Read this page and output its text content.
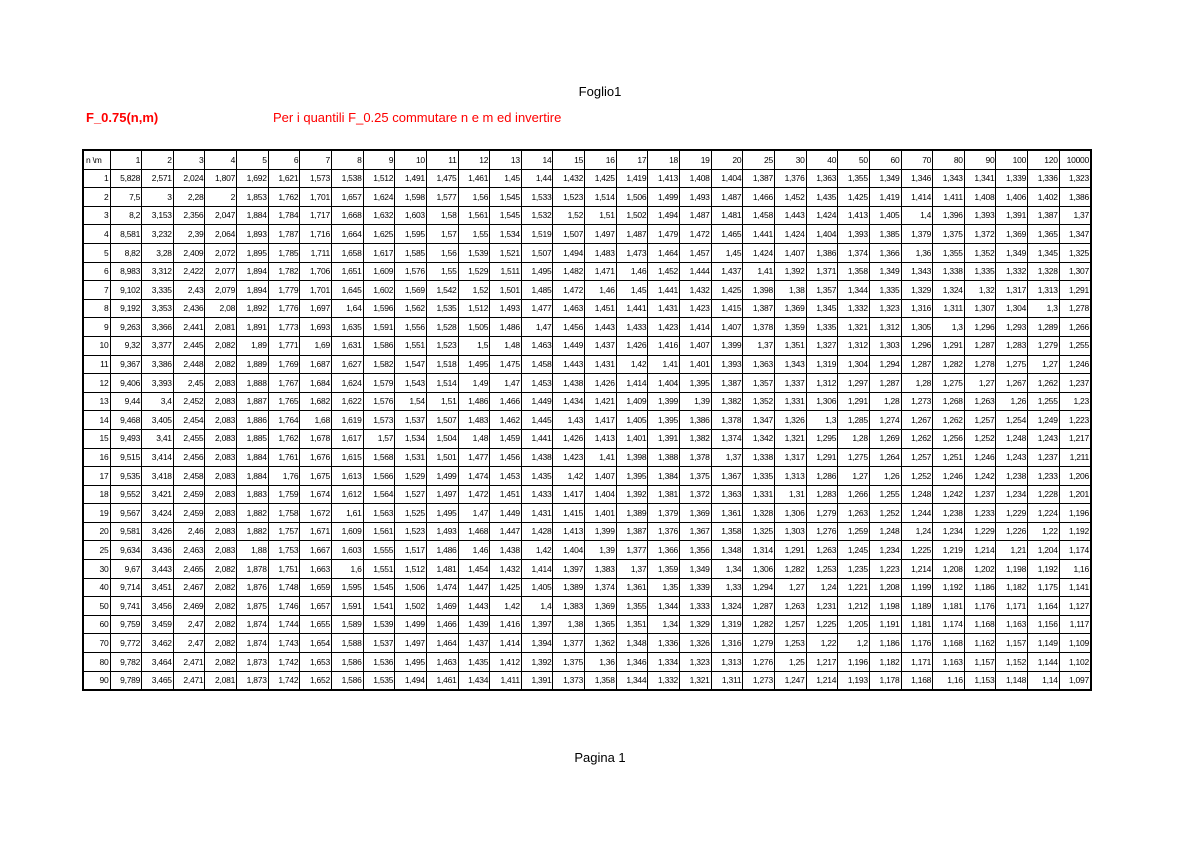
Foglio1
F_0.75(n,m)	Per i quantili F_0.25 commutare n e m ed invertire
n \m	1	2	3	4	5	6	7	8	9	10	11	12	13	14	15	16	17	18	19	20	25	30	40	50	60	70	80	90	100	120	10000
1	5,828	2,571	2,024	1,807	1,692	1,621	1,573	1,538	1,512	1,491	1,475	1,461	1,45	1,44	1,432	1,425	1,419	1,413	1,408	1,404	1,387	1,376	1,363	1,355	1,349	1,346	1,343	1,341	1,339	1,336	1,323
2	7,5	3	2,28	2	1,853	1,762	1,701	1,657	1,624	1,598	1,577	1,56	1,545	1,533	1,523	1,514	1,506	1,499	1,493	1,487	1,466	1,452	1,435	1,425	1,419	1,414	1,411	1,408	1,406	1,402	1,386
3	8,2	3,153	2,356	2,047	1,884	1,784	1,717	1,668	1,632	1,603	1,58	1,561	1,545	1,532	1,52	1,51	1,502	1,494	1,487	1,481	1,458	1,443	1,424	1,413	1,405	1,4	1,396	1,393	1,391	1,387	1,37
4	8,581	3,232	2,39	2,064	1,893	1,787	1,716	1,664	1,625	1,595	1,57	1,55	1,534	1,519	1,507	1,497	1,487	1,479	1,472	1,465	1,441	1,424	1,404	1,393	1,385	1,379	1,375	1,372	1,369	1,365	1,347
5	8,82	3,28	2,409	2,072	1,895	1,785	1,711	1,658	1,617	1,585	1,56	1,539	1,521	1,507	1,494	1,483	1,473	1,464	1,457	1,45	1,424	1,407	1,386	1,374	1,366	1,36	1,355	1,352	1,349	1,345	1,325
6	8,983	3,312	2,422	2,077	1,894	1,782	1,706	1,651	1,609	1,576	1,55	1,529	1,511	1,495	1,482	1,471	1,46	1,452	1,444	1,437	1,41	1,392	1,371	1,358	1,349	1,343	1,338	1,335	1,332	1,328	1,307
7	9,102	3,335	2,43	2,079	1,894	1,779	1,701	1,645	1,602	1,569	1,542	1,52	1,501	1,485	1,472	1,46	1,45	1,441	1,432	1,425	1,398	1,38	1,357	1,344	1,335	1,329	1,324	1,32	1,317	1,313	1,291
8	9,192	3,353	2,436	2,08	1,892	1,776	1,697	1,64	1,596	1,562	1,535	1,512	1,493	1,477	1,463	1,451	1,441	1,431	1,423	1,415	1,387	1,369	1,345	1,332	1,323	1,316	1,311	1,307	1,304	1,3	1,278
9	9,263	3,366	2,441	2,081	1,891	1,773	1,693	1,635	1,591	1,556	1,528	1,505	1,486	1,47	1,456	1,443	1,433	1,423	1,414	1,407	1,378	1,359	1,335	1,321	1,312	1,305	1,3	1,296	1,293	1,289	1,266
10	9,32	3,377	2,445	2,082	1,89	1,771	1,69	1,631	1,586	1,551	1,523	1,5	1,48	1,463	1,449	1,437	1,426	1,416	1,407	1,399	1,37	1,351	1,327	1,312	1,303	1,296	1,291	1,287	1,283	1,279	1,255
11	9,367	3,386	2,448	2,082	1,889	1,769	1,687	1,627	1,582	1,547	1,518	1,495	1,475	1,458	1,443	1,431	1,42	1,41	1,401	1,393	1,363	1,343	1,319	1,304	1,294	1,287	1,282	1,278	1,275	1,27	1,246
12	9,406	3,393	2,45	2,083	1,888	1,767	1,684	1,624	1,579	1,543	1,514	1,49	1,47	1,453	1,438	1,426	1,414	1,404	1,395	1,387	1,357	1,337	1,312	1,297	1,287	1,28	1,275	1,27	1,267	1,262	1,237
13	9,44	3,4	2,452	2,083	1,887	1,765	1,682	1,622	1,576	1,54	1,51	1,486	1,466	1,449	1,434	1,421	1,409	1,399	1,39	1,382	1,352	1,331	1,306	1,291	1,28	1,273	1,268	1,263	1,26	1,255	1,23
14	9,468	3,405	2,454	2,083	1,886	1,764	1,68	1,619	1,573	1,537	1,507	1,483	1,462	1,445	1,43	1,417	1,405	1,395	1,386	1,378	1,347	1,326	1,3	1,285	1,274	1,267	1,262	1,257	1,254	1,249	1,223
15	9,493	3,41	2,455	2,083	1,885	1,762	1,678	1,617	1,57	1,534	1,504	1,48	1,459	1,441	1,426	1,413	1,401	1,391	1,382	1,374	1,342	1,321	1,295	1,28	1,269	1,262	1,256	1,252	1,248	1,243	1,217
16	9,515	3,414	2,456	2,083	1,884	1,761	1,676	1,615	1,568	1,531	1,501	1,477	1,456	1,438	1,423	1,41	1,398	1,388	1,378	1,37	1,338	1,317	1,291	1,275	1,264	1,257	1,251	1,246	1,243	1,237	1,211
17	9,535	3,418	2,458	2,083	1,884	1,76	1,675	1,613	1,566	1,529	1,499	1,474	1,453	1,435	1,42	1,407	1,395	1,384	1,375	1,367	1,335	1,313	1,286	1,27	1,26	1,252	1,246	1,242	1,238	1,233	1,206
18	9,552	3,421	2,459	2,083	1,883	1,759	1,674	1,612	1,564	1,527	1,497	1,472	1,451	1,433	1,417	1,404	1,392	1,381	1,372	1,363	1,331	1,31	1,283	1,266	1,255	1,248	1,242	1,237	1,234	1,228	1,201
19	9,567	3,424	2,459	2,083	1,882	1,758	1,672	1,61	1,563	1,525	1,495	1,47	1,449	1,431	1,415	1,401	1,389	1,379	1,369	1,361	1,328	1,306	1,279	1,263	1,252	1,244	1,238	1,233	1,229	1,224	1,196
20	9,581	3,426	2,46	2,083	1,882	1,757	1,671	1,609	1,561	1,523	1,493	1,468	1,447	1,428	1,413	1,399	1,387	1,376	1,367	1,358	1,325	1,303	1,276	1,259	1,248	1,24	1,234	1,229	1,226	1,22	1,192
25	9,634	3,436	2,463	2,083	1,88	1,753	1,667	1,603	1,555	1,517	1,486	1,46	1,438	1,42	1,404	1,39	1,377	1,366	1,356	1,348	1,314	1,291	1,263	1,245	1,234	1,225	1,219	1,214	1,21	1,204	1,174
30	9,67	3,443	2,465	2,082	1,878	1,751	1,663	1,6	1,551	1,512	1,481	1,454	1,432	1,414	1,397	1,383	1,37	1,359	1,349	1,34	1,306	1,282	1,253	1,235	1,223	1,214	1,208	1,202	1,198	1,192	1,16
40	9,714	3,451	2,467	2,082	1,876	1,748	1,659	1,595	1,545	1,506	1,474	1,447	1,425	1,405	1,389	1,374	1,361	1,35	1,339	1,33	1,294	1,27	1,24	1,221	1,208	1,199	1,192	1,186	1,182	1,175	1,141
50	9,741	3,456	2,469	2,082	1,875	1,746	1,657	1,591	1,541	1,502	1,469	1,443	1,42	1,4	1,383	1,369	1,355	1,344	1,333	1,324	1,287	1,263	1,231	1,212	1,198	1,189	1,181	1,176	1,171	1,164	1,127
60	9,759	3,459	2,47	2,082	1,874	1,744	1,655	1,589	1,539	1,499	1,466	1,439	1,416	1,397	1,38	1,365	1,351	1,34	1,329	1,319	1,282	1,257	1,225	1,205	1,191	1,181	1,174	1,168	1,163	1,156	1,117
70	9,772	3,462	2,47	2,082	1,874	1,743	1,654	1,588	1,537	1,497	1,464	1,437	1,414	1,394	1,377	1,362	1,348	1,336	1,326	1,316	1,279	1,253	1,22	1,2	1,186	1,176	1,168	1,162	1,157	1,149	1,109
80	9,782	3,464	2,471	2,082	1,873	1,742	1,653	1,586	1,536	1,495	1,463	1,435	1,412	1,392	1,375	1,36	1,346	1,334	1,323	1,313	1,276	1,25	1,217	1,196	1,182	1,171	1,163	1,157	1,152	1,144	1,102
90	9,789	3,465	2,471	2,081	1,873	1,742	1,652	1,586	1,535	1,494	1,461	1,434	1,411	1,391	1,373	1,358	1,344	1,332	1,321	1,311	1,273	1,247	1,214	1,193	1,178	1,168	1,16	1,153	1,148	1,14	1,097
Pagina 1
